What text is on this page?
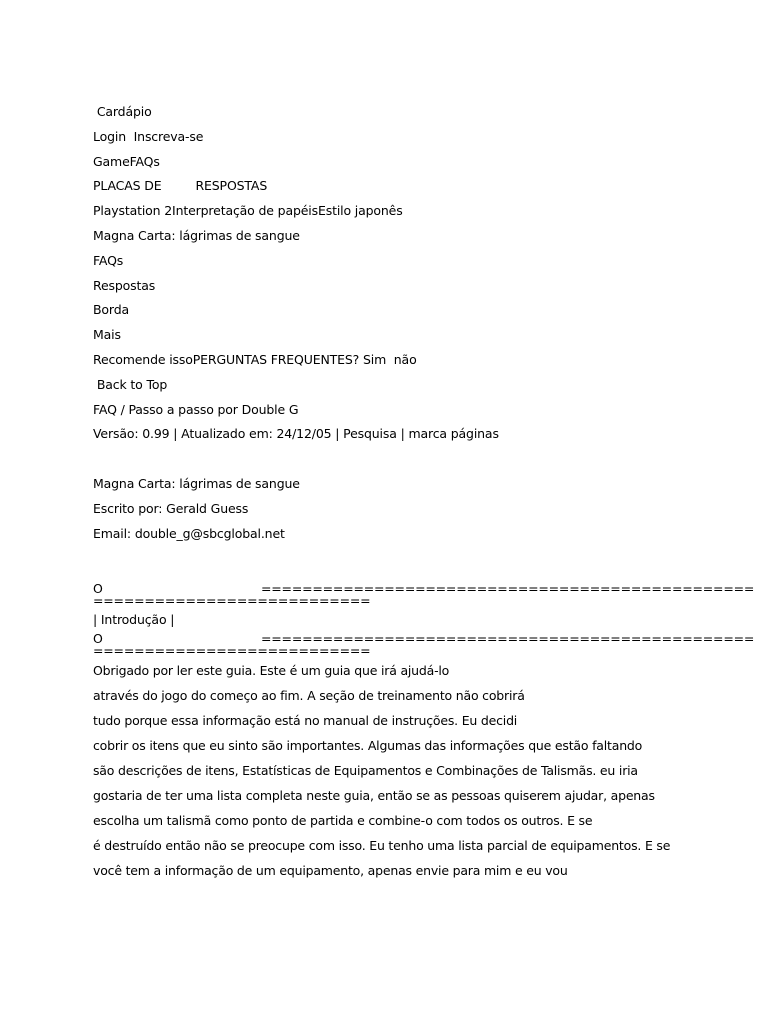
Cardápio
Login Inscreva-se
GameFAQs
PLACAS DE	RESPOSTAS
Playstation 2Interpretação de papéisEstilo japonês
Magna Carta: lágrimas de sangue
FAQs
Respostas
Borda
Mais
Recomende issoPERGUNTAS FREQUENTES? Sim não
Back to Top
FAQ / Passo a passo por Double G
Versão: 0.99 | Atualizado em: 24/12/05 | Pesquisa | marca páginas
Magna Carta: lágrimas de sangue
Escrito por: Gerald Guess
Email: double_g@sbcglobal.net

O

	================================================

===========================

| Introdução |

O

	================================================

===========================

Obrigado por ler este guia. Este é um guia que irá ajudá-lo
através do jogo do começo ao fim. A seção de treinamento não cobrirá
tudo porque essa informação está no manual de instruções. Eu decidi
cobrir os itens que eu sinto são importantes. Algumas das informações que estão faltando
são descrições de itens, Estatísticas de Equipamentos e Combinações de Talismãs. eu iria
gostaria de ter uma lista completa neste guia, então se as pessoas quiserem ajudar, apenas
escolha um talismã como ponto de partida e combine-o com todos os outros. E se
é destruído então não se preocupe com isso. Eu tenho uma lista parcial de equipamentos. E se
você tem a informação de um equipamento, apenas envie para mim e eu vou
